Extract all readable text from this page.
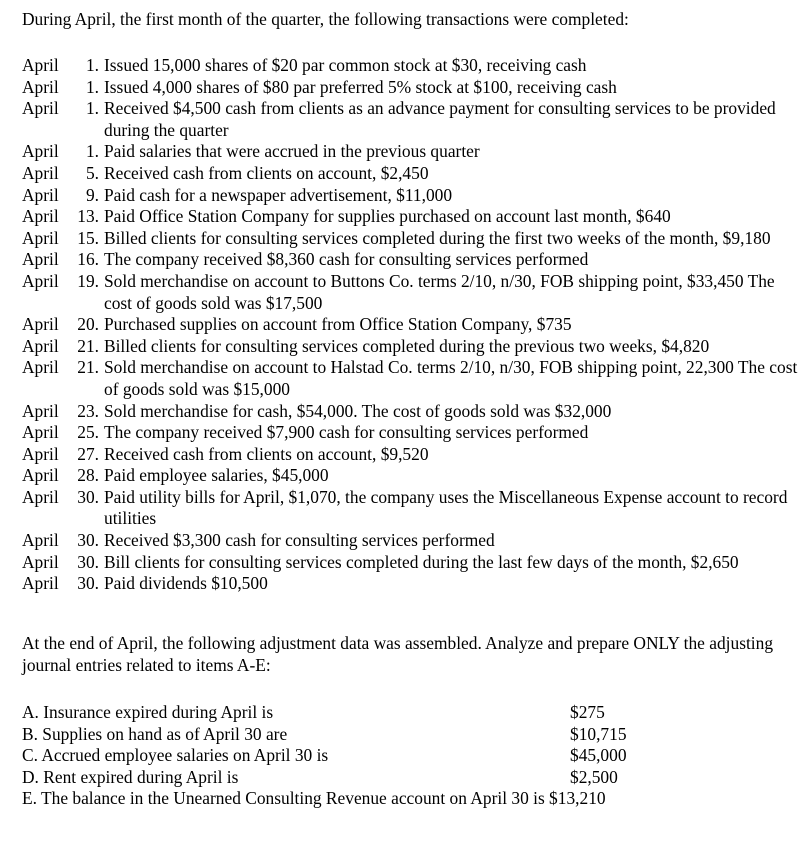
During April, the first month of the quarter, the following transactions were completed:
April	1. Issued 15,000 shares of $20 par common stock at $30, receiving cash
April	1. Issued 4,000 shares of $80 par preferred 5% stock at $100, receiving cash
April	1. Received $4,500 cash from clients as an advance payment for consulting services to be provided during the quarter
April	1. Paid salaries that were accrued in the previous quarter
April	5. Received cash from clients on account, $2,450
April	9. Paid cash for a newspaper advertisement, $11,000
April	13. Paid Office Station Company for supplies purchased on account last month, $640
April	15. Billed clients for consulting services completed during the first two weeks of the month, $9,180
April	16. The company received $8,360 cash for consulting services performed
April	19. Sold merchandise on account to Buttons Co. terms 2/10, n/30, FOB shipping point, $33,450 The cost of goods sold was $17,500
April	20. Purchased supplies on account from Office Station Company, $735
April	21. Billed clients for consulting services completed during the previous two weeks, $4,820
April	21. Sold merchandise on account to Halstad Co. terms 2/10, n/30, FOB shipping point, 22,300 The cost of goods sold was $15,000
April	23. Sold merchandise for cash, $54,000. The cost of goods sold was $32,000
April	25. The company received $7,900 cash for consulting services performed
April	27. Received cash from clients on account, $9,520
April	28. Paid employee salaries, $45,000
April	30. Paid utility bills for April, $1,070, the company uses the Miscellaneous Expense account to record utilities
April	30. Received $3,300 cash for consulting services performed
April	30. Bill clients for consulting services completed during the last few days of the month, $2,650
April	30. Paid dividends $10,500
At the end of April, the following adjustment data was assembled. Analyze and prepare ONLY the adjusting journal entries related to items A-E:
A. Insurance expired during April is	$275
B. Supplies on hand as of April 30 are	$10,715
C. Accrued employee salaries on April 30 is	$45,000
D. Rent expired during April is	$2,500
E. The balance in the Unearned Consulting Revenue account on April 30 is $13,210
